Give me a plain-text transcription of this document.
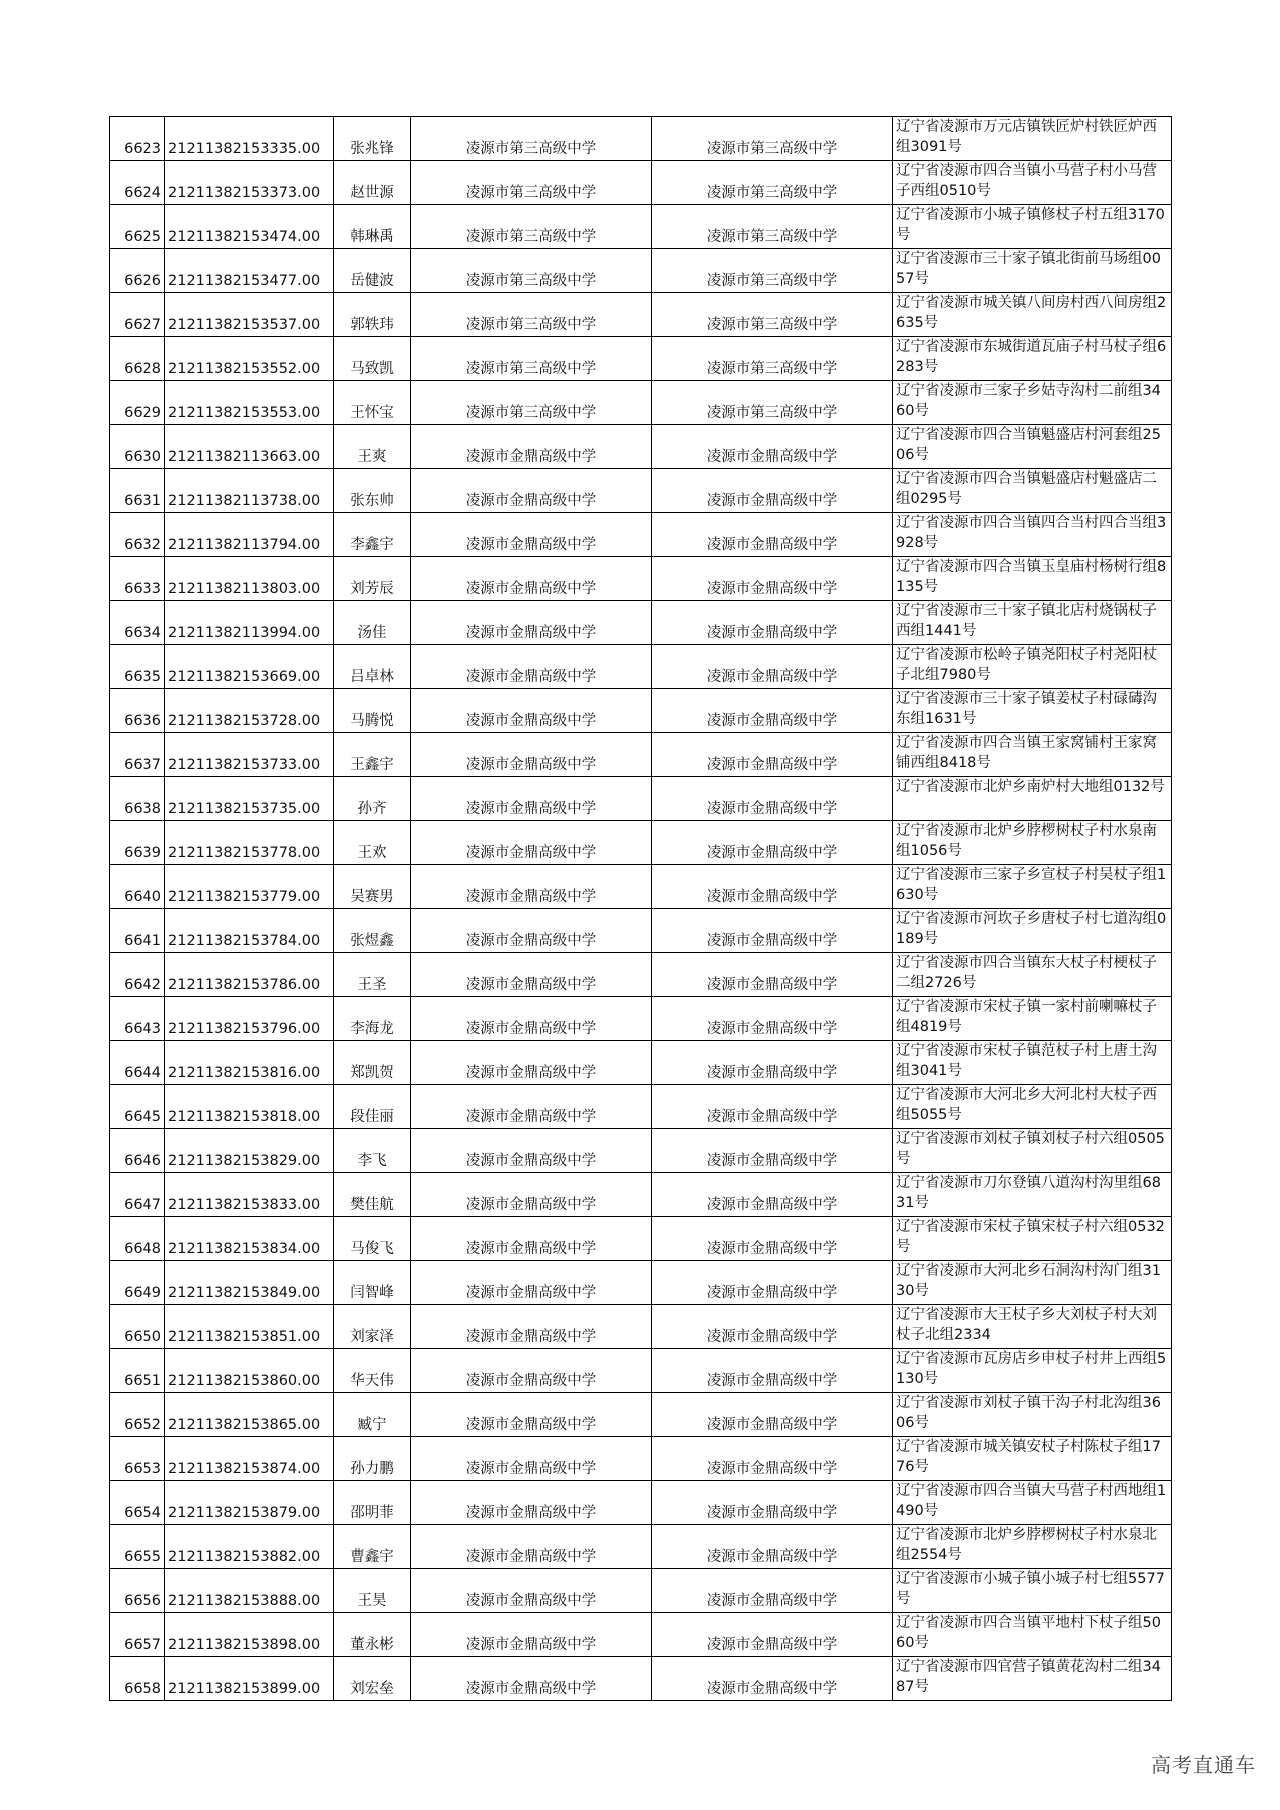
6623	21211382153335.00	张兆锋	凌源市第三高级中学	凌源市第三高级中学	辽宁省凌源市万元店镇铁匠炉村铁匠炉西组3091号
6624	21211382153373.00	赵世源	凌源市第三高级中学	凌源市第三高级中学	辽宁省凌源市四合当镇小马营子村小马营子西组0510号
6625	21211382153474.00	韩琳禹	凌源市第三高级中学	凌源市第三高级中学	辽宁省凌源市小城子镇修杖子村五组3170号
6626	21211382153477.00	岳健波	凌源市第三高级中学	凌源市第三高级中学	辽宁省凌源市三十家子镇北街前马场组0057号
6627	21211382153537.00	郭轶玮	凌源市第三高级中学	凌源市第三高级中学	辽宁省凌源市城关镇八间房村西八间房组2635号
6628	21211382153552.00	马致凯	凌源市第三高级中学	凌源市第三高级中学	辽宁省凌源市东城街道瓦庙子村马杖子组6283号
6629	21211382153553.00	王怀宝	凌源市第三高级中学	凌源市第三高级中学	辽宁省凌源市三家子乡姑寺沟村二前组3460号
6630	21211382113663.00	王爽	凌源市金鼎高级中学	凌源市金鼎高级中学	辽宁省凌源市四合当镇魁盛店村河套组2506号
6631	21211382113738.00	张东帅	凌源市金鼎高级中学	凌源市金鼎高级中学	辽宁省凌源市四合当镇魁盛店村魁盛店二组0295号
6632	21211382113794.00	李鑫宇	凌源市金鼎高级中学	凌源市金鼎高级中学	辽宁省凌源市四合当镇四合当村四合当组3928号
6633	21211382113803.00	刘芳辰	凌源市金鼎高级中学	凌源市金鼎高级中学	辽宁省凌源市四合当镇玉皇庙村杨树行组8135号
6634	21211382113994.00	汤佳	凌源市金鼎高级中学	凌源市金鼎高级中学	辽宁省凌源市三十家子镇北店村烧锅杖子西组1441号
6635	21211382153669.00	吕卓林	凌源市金鼎高级中学	凌源市金鼎高级中学	辽宁省凌源市松岭子镇尧阳杖子村尧阳杖子北组7980号
6636	21211382153728.00	马腾悦	凌源市金鼎高级中学	凌源市金鼎高级中学	辽宁省凌源市三十家子镇姜杖子村碌碡沟东组1631号
6637	21211382153733.00	王鑫宇	凌源市金鼎高级中学	凌源市金鼎高级中学	辽宁省凌源市四合当镇王家窝铺村王家窝铺西组8418号
6638	21211382153735.00	孙齐	凌源市金鼎高级中学	凌源市金鼎高级中学	辽宁省凌源市北炉乡南炉村大地组0132号
6639	21211382153778.00	王欢	凌源市金鼎高级中学	凌源市金鼎高级中学	辽宁省凌源市北炉乡脖椤树杖子村水泉南组1056号
6640	21211382153779.00	吴赛男	凌源市金鼎高级中学	凌源市金鼎高级中学	辽宁省凌源市三家子乡宣杖子村吴杖子组1630号
6641	21211382153784.00	张煜鑫	凌源市金鼎高级中学	凌源市金鼎高级中学	辽宁省凌源市河坎子乡唐杖子村七道沟组0189号
6642	21211382153786.00	王圣	凌源市金鼎高级中学	凌源市金鼎高级中学	辽宁省凌源市四合当镇东大杖子村梗杖子二组2726号
6643	21211382153796.00	李海龙	凌源市金鼎高级中学	凌源市金鼎高级中学	辽宁省凌源市宋杖子镇一家村前喇嘛杖子组4819号
6644	21211382153816.00	郑凯贺	凌源市金鼎高级中学	凌源市金鼎高级中学	辽宁省凌源市宋杖子镇范杖子村上唐土沟组3041号
6645	21211382153818.00	段佳丽	凌源市金鼎高级中学	凌源市金鼎高级中学	辽宁省凌源市大河北乡大河北村大杖子西组5055号
6646	21211382153829.00	李飞	凌源市金鼎高级中学	凌源市金鼎高级中学	辽宁省凌源市刘杖子镇刘杖子村六组0505号
6647	21211382153833.00	樊佳航	凌源市金鼎高级中学	凌源市金鼎高级中学	辽宁省凌源市刀尔登镇八道沟村沟里组6831号
6648	21211382153834.00	马俊飞	凌源市金鼎高级中学	凌源市金鼎高级中学	辽宁省凌源市宋杖子镇宋杖子村六组0532号
6649	21211382153849.00	闫智峰	凌源市金鼎高级中学	凌源市金鼎高级中学	辽宁省凌源市大河北乡石洞沟村沟门组3130号
6650	21211382153851.00	刘家泽	凌源市金鼎高级中学	凌源市金鼎高级中学	辽宁省凌源市大王杖子乡大刘杖子村大刘杖子北组2334
6651	21211382153860.00	华天伟	凌源市金鼎高级中学	凌源市金鼎高级中学	辽宁省凌源市瓦房店乡申杖子村井上西组5130号
6652	21211382153865.00	臧宁	凌源市金鼎高级中学	凌源市金鼎高级中学	辽宁省凌源市刘杖子镇干沟子村北沟组3606号
6653	21211382153874.00	孙力鹏	凌源市金鼎高级中学	凌源市金鼎高级中学	辽宁省凌源市城关镇安杖子村陈杖子组1776号
6654	21211382153879.00	邵明菲	凌源市金鼎高级中学	凌源市金鼎高级中学	辽宁省凌源市四合当镇大马营子村西地组1490号
6655	21211382153882.00	曹鑫宇	凌源市金鼎高级中学	凌源市金鼎高级中学	辽宁省凌源市北炉乡脖椤树杖子村水泉北组2554号
6656	21211382153888.00	王昊	凌源市金鼎高级中学	凌源市金鼎高级中学	辽宁省凌源市小城子镇小城子村七组5577号
6657	21211382153898.00	董永彬	凌源市金鼎高级中学	凌源市金鼎高级中学	辽宁省凌源市四合当镇平地村下杖子组5060号
6658	21211382153899.00	刘宏垒	凌源市金鼎高级中学	凌源市金鼎高级中学	辽宁省凌源市四官营子镇黄花沟村二组3487号
高考直通车
